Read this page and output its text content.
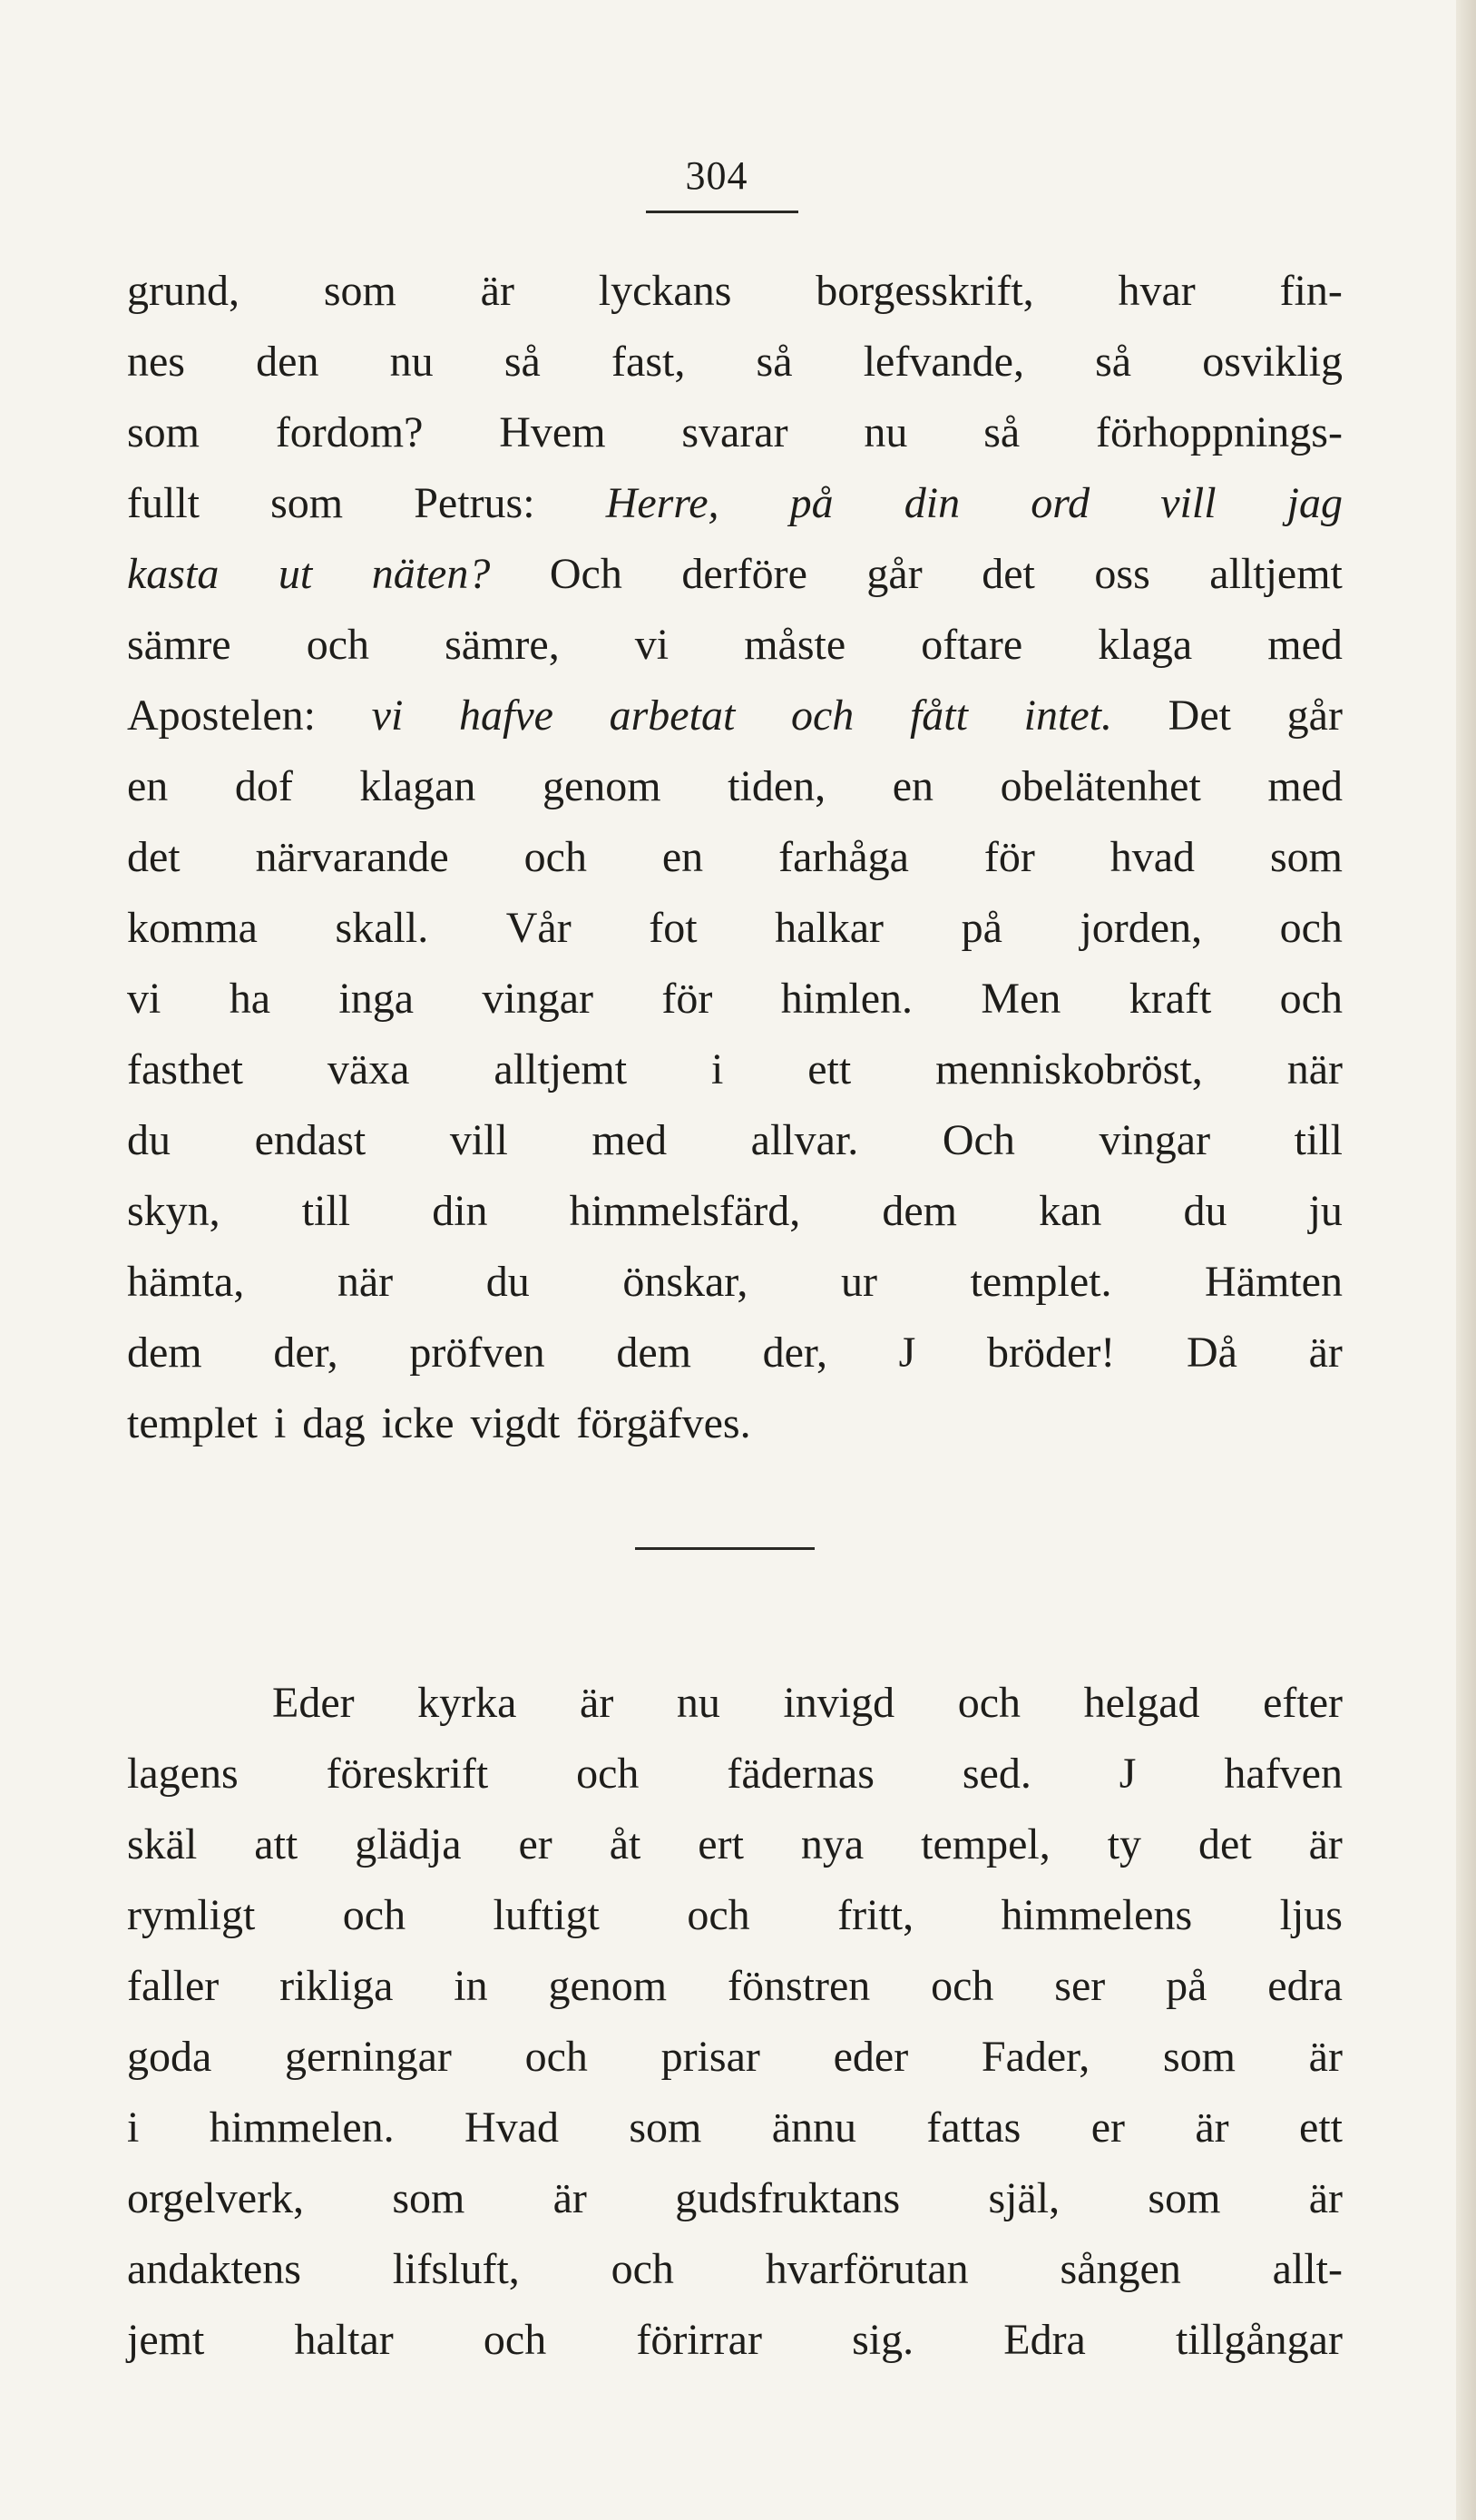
304
grund, som är lyckans borgesskrift, hvar fin-
nes den nu så fast, så lefvande, så osviklig
som fordom? Hvem svarar nu så förhoppnings-
fullt som Petrus: Herre, på din ord vill jag
kasta ut näten? Och derföre går det oss alltjemt
sämre och sämre, vi måste oftare klaga med
Apostelen: vi hafve arbetat och fått intet. Det går
en dof klagan genom tiden, en obelätenhet med
det närvarande och en farhåga för hvad som
komma skall. Vår fot halkar på jorden, och
vi ha inga vingar för himlen. Men kraft och
fasthet växa alltjemt i ett menniskobröst, när
du endast vill med allvar. Och vingar till
skyn, till din himmelsfärd, dem kan du ju
hämta, när du önskar, ur templet. Hämten
dem der, pröfven dem der, J bröder! Då är
templet i dag icke vigdt förgäfves.
Eder kyrka är nu invigd och helgad efter
lagens föreskrift och fädernas sed. J hafven
skäl att glädja er åt ert nya tempel, ty det är
rymligt och luftigt och fritt, himmelens ljus
faller rikliga in genom fönstren och ser på edra
goda gerningar och prisar eder Fader, som är
i himmelen. Hvad som ännu fattas er är ett
orgelverk, som är gudsfruktans själ, som är
andaktens lifsluft, och hvarförutan sången allt-
jemt haltar och förirrar sig. Edra tillgångar
